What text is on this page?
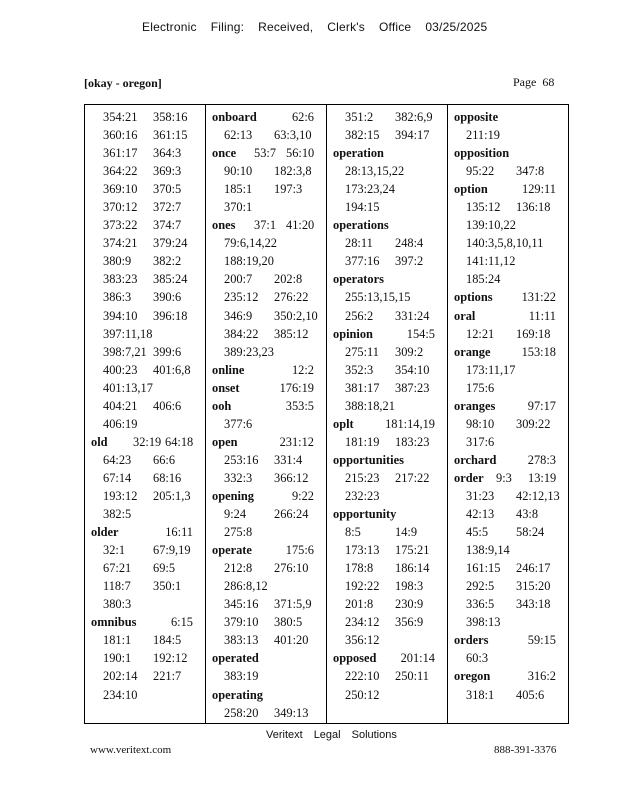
Electronic Filing: Received, Clerk's Office 03/25/2025
[okay - oregon]	Page 68
354:21 358:16
360:16 361:15
361:17 364:3
364:22 369:3
369:10 370:5
370:12 372:7
373:22 374:7
374:21 379:24
380:9 382:2
383:23 385:24
386:3 390:6
394:10 396:18
397:11,18
398:7,21 399:6
400:23 401:6,8
401:13,17
404:21 406:6
406:19
old 32:19 64:18
64:23 66:6
67:14 68:16
193:12 205:1,3
382:5
older	16:11
32:1 67:9,19
67:21 69:5
118:7 350:1
380:3
omnibus	6:15
181:1 184:5
190:1 192:12
202:14 221:7
234:10
onboard	62:6
62:13 63:3,10
once 53:7 56:10
90:10 182:3,8
185:1 197:3
370:1
ones 37:1 41:20
79:6,14,22
188:19,20
200:7 202:8
235:12 276:22
346:9 350:2,10
384:22 385:12
389:23,23
online	12:2
onset	176:19
ooh	353:5
377:6
open	231:12
253:16 331:4
332:3 366:12
opening	9:22
9:24 266:24
275:8
operate	175:6
212:8 276:10
286:8,12
345:16 371:5,9
379:10 380:5
383:13 401:20
operated
383:19
operating
258:20 349:13
351:2 382:6,9
382:15 394:17
operation
28:13,15,22
173:23,24
194:15
operations
28:11 248:4
377:16 397:2
operators
255:13,15,15
256:2 331:24
opinion	154:5
275:11 309:2
352:3 354:10
381:17 387:23
388:18,21
oplt	181:14,19
181:19 183:23
opportunities
215:23 217:22
232:23
opportunity
8:5	14:9
173:13 175:21
178:8 186:14
192:22 198:3
201:8 230:9
234:12 356:9
356:12
opposed 201:14
222:10 250:11
250:12
opposite
211:19
opposition
95:22 347:8
option	129:11
135:12 136:18
139:10,22
140:3,5,8,10,11
141:11,12
185:24
options 131:22
oral	11:11
12:21 169:18
orange	153:18
173:11,17
175:6
oranges	97:17
98:10 309:22
317:6
orchard	278:3
order 9:3 13:19
31:23 42:12,13
42:13 43:8
45:5 58:24
138:9,14
161:15 246:17
292:5 315:20
336:5 343:18
398:13
orders	59:15
60:3
oregon	316:2
318:1 405:6
Veritext Legal Solutions
www.veritext.com	888-391-3376
